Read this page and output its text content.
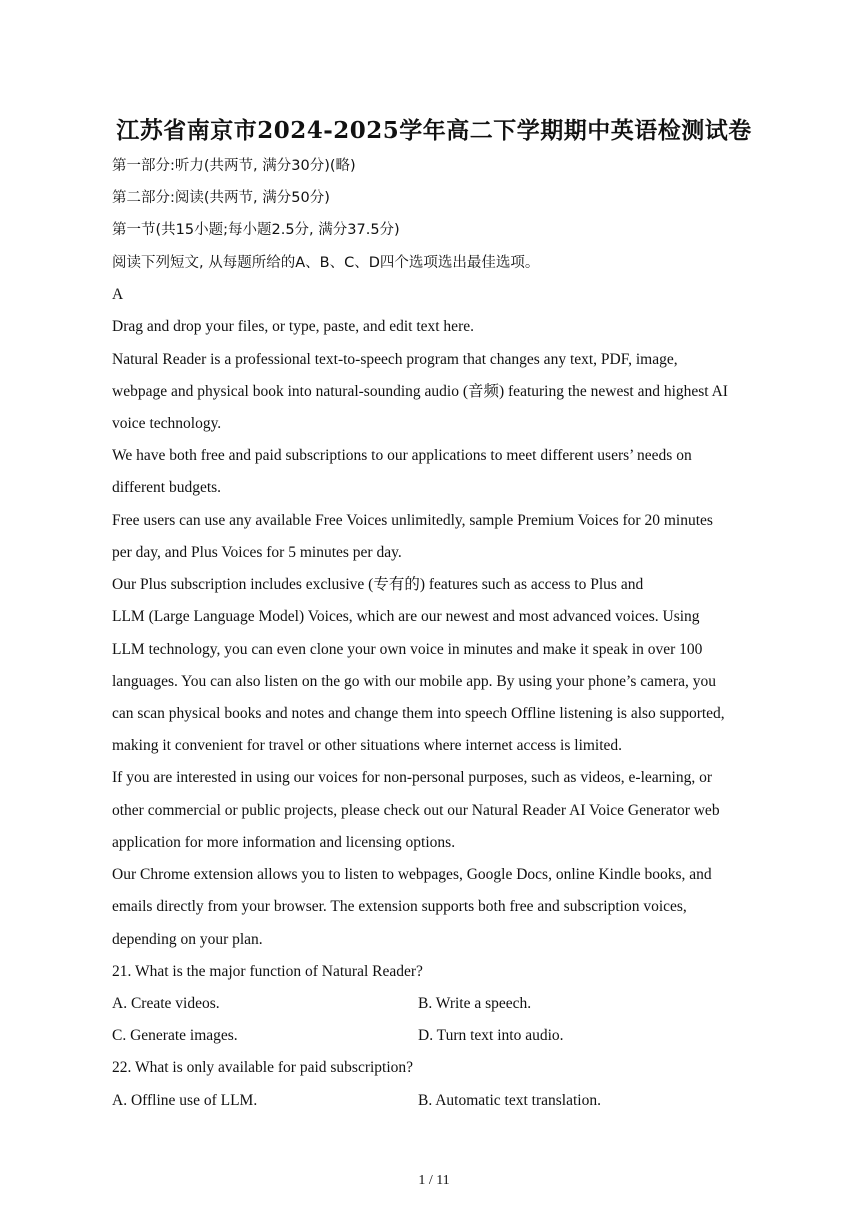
江苏省南京市2024-2025学年高二下学期期中英语检测试卷
第一部分:听力(共两节, 满分30分)(略)
第二部分:阅读(共两节, 满分50分)
第一节(共15小题;每小题2.5分, 满分37.5分)
阅读下列短文, 从每题所给的A、B、C、D四个选项选出最佳选项。
A
Drag and drop your files, or type, paste, and edit text here.
Natural Reader is a professional text-to-speech program that changes any text, PDF, image,
webpage and physical book into natural-sounding audio (音频) featuring the newest and highest AI
voice technology.
We have both free and paid subscriptions to our applications to meet different users’ needs on
different budgets.
Free users can use any available Free Voices unlimitedly, sample Premium Voices for 20 minutes
per day, and Plus Voices for 5 minutes per day.
Our Plus subscription includes exclusive (专有的) features such as access to Plus and
LLM (Large Language Model) Voices, which are our newest and most advanced voices. Using
LLM technology, you can even clone your own voice in minutes and make it speak in over 100
languages. You can also listen on the go with our mobile app. By using your phone’s camera, you
can scan physical books and notes and change them into speech Offline listening is also supported,
making it convenient for travel or other situations where internet access is limited.
If you are interested in using our voices for non-personal purposes, such as videos, e-learning, or
other commercial or public projects, please check out our Natural Reader AI Voice Generator web
application for more information and licensing options.
Our Chrome extension allows you to listen to webpages, Google Docs, online Kindle books, and
emails directly from your browser. The extension supports both free and subscription voices,
depending on your plan.
21. What is the major function of Natural Reader?
A. Create videos.	B. Write a speech.
C. Generate images.	D. Turn text into audio.
22. What is only available for paid subscription?
A. Offline use of LLM.	B. Automatic text translation.
1 / 11
